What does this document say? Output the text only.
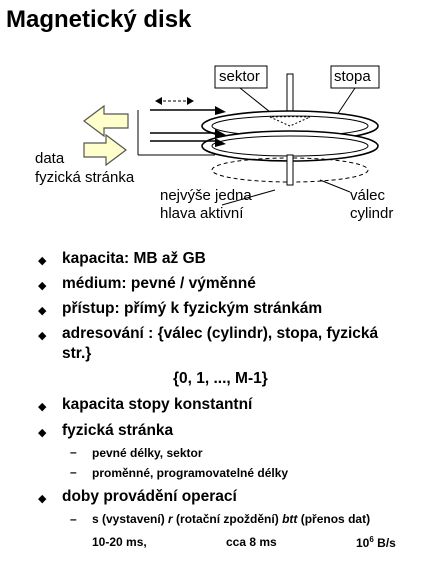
Magnetický disk
sektor	stopa
data
fyzická stránka
nejvýše jedna
hlava aktivní
válec
cylindr
◆ kapacita: MB až GB
◆ médium: pevné / výměnné
◆ přístup: přímý k fyzickým stránkám
◆ adresování : {válec (cylindr), stopa, fyzická
str.}
{0, 1, ..., M-1}
◆ kapacita stopy konstantní
◆ fyzická stránka
– pevné délky, sektor
– proměnné, programovatelné délky
◆ doby provádění operací
– s (vystavení) r (rotační zpoždění) btt (přenos dat)
10-20 ms,	cca 8 ms	$10^6$ B/s
